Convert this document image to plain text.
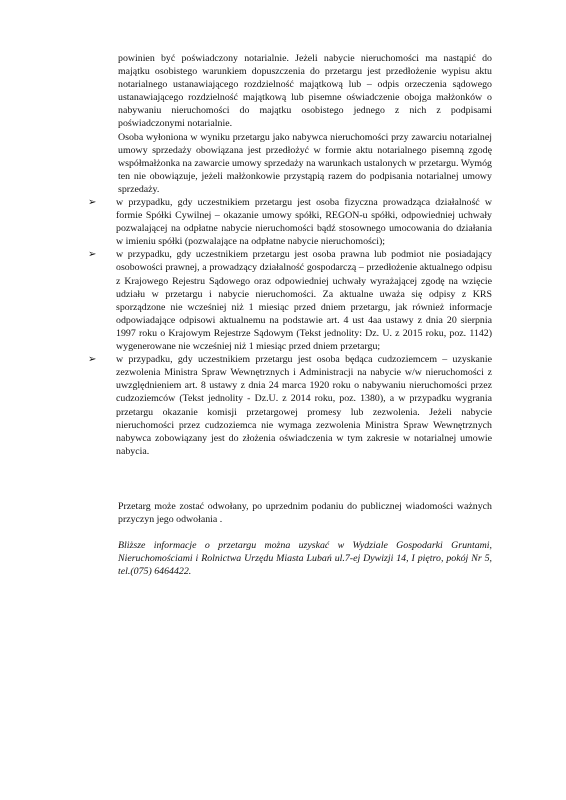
powinien być poświadczony notarialnie. Jeżeli nabycie nieruchomości ma nastąpić do majątku osobistego warunkiem dopuszczenia do przetargu jest przedłożenie wypisu aktu notarialnego ustanawiającego rozdzielność majątkową lub – odpis orzeczenia sądowego ustanawiającego rozdzielność majątkową lub pisemne oświadczenie obojga małżonków o nabywaniu nieruchomości do majątku osobistego jednego z nich z podpisami poświadczonymi notarialnie.

Osoba wyłoniona w wyniku przetargu jako nabywca nieruchomości przy zawarciu notarialnej umowy sprzedaży obowiązana jest przedłożyć w formie aktu notarialnego pisemną zgodę współmałżonka na zawarcie umowy sprzedaży na warunkach ustalonych w przetargu. Wymóg ten nie obowiązuje, jeżeli małżonkowie przystąpią razem do podpisania notarialnej umowy sprzedaży.

➢	w przypadku, gdy uczestnikiem przetargu jest osoba fizyczna prowadząca działalność w formie Spółki Cywilnej – okazanie umowy spółki, REGON-u spółki, odpowiedniej uchwały pozwalającej na odpłatne nabycie nieruchomości bądź stosownego umocowania do działania w imieniu spółki (pozwalające na odpłatne nabycie nieruchomości);
➢	w przypadku, gdy uczestnikiem przetargu jest osoba prawna lub podmiot nie posiadający osobowości prawnej, a prowadzący działalność gospodarczą – przedłożenie aktualnego odpisu z Krajowego Rejestru Sądowego oraz odpowiedniej uchwały wyrażającej zgodę na wzięcie udziału w przetargu i nabycie nieruchomości. Za aktualne uważa się odpisy z KRS sporządzone nie wcześniej niż 1 miesiąc przed dniem przetargu, jak również informacje odpowiadające odpisowi aktualnemu na podstawie art. 4 ust 4aa ustawy z dnia 20 sierpnia 1997 roku o Krajowym Rejestrze Sądowym (Tekst jednolity: Dz. U. z 2015 roku, poz. 1142) wygenerowane nie wcześniej niż 1 miesiąc przed dniem przetargu;
➢	w przypadku, gdy uczestnikiem przetargu jest osoba będąca cudzoziemcem – uzyskanie zezwolenia Ministra Spraw Wewnętrznych i Administracji na nabycie w/w nieruchomości z uwzględnieniem art. 8 ustawy z dnia 24 marca 1920 roku o nabywaniu nieruchomości przez cudzoziemców (Tekst jednolity - Dz.U. z 2014 roku, poz. 1380), a w przypadku wygrania przetargu okazanie komisji przetargowej promesy lub zezwolenia. Jeżeli nabycie nieruchomości przez cudzoziemca nie wymaga zezwolenia Ministra Spraw Wewnętrznych nabywca zobowiązany jest do złożenia oświadczenia w tym zakresie w notarialnej umowie nabycia.

Przetarg może zostać odwołany, po uprzednim podaniu do publicznej wiadomości ważnych przyczyn jego odwołania .

Bliższe informacje o przetargu można uzyskać w Wydziale Gospodarki Gruntami, Nieruchomościami i Rolnictwa Urzędu Miasta Lubań ul.7-ej Dywizji 14, I piętro, pokój Nr 5, tel.(075) 6464422.
